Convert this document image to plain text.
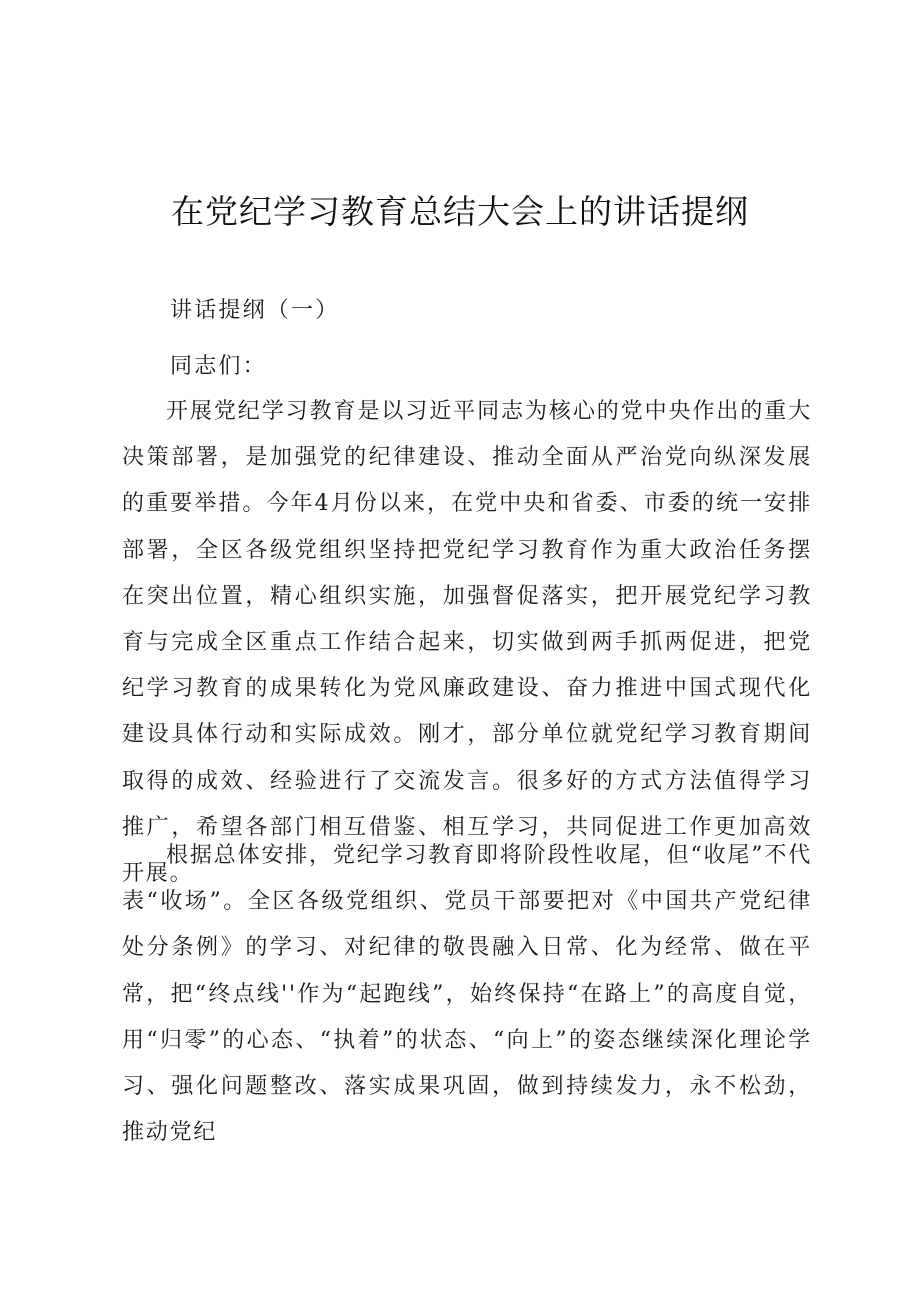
在党纪学习教育总结大会上的讲话提纲

讲话提纲（一）

同志们：

开展党纪学习教育是以习近平同志为核心的党中央作出的重大决策部署，是加强党的纪律建设、推动全面从严治党向纵深发展的重要举措。今年4月份以来，在党中央和省委、市委的统一安排部署，全区各级党组织坚持把党纪学习教育作为重大政治任务摆在突出位置，精心组织实施，加强督促落实，把开展党纪学习教育与完成全区重点工作结合起来，切实做到两手抓两促进，把党纪学习教育的成果转化为党风廉政建设、奋力推进中国式现代化建设具体行动和实际成效。刚才，部分单位就党纪学习教育期间取得的成效、经验进行了交流发言。很多好的方式方法值得学习推广，希望各部门相互借鉴、相互学习，共同促进工作更加高效开展。

根据总体安排，党纪学习教育即将阶段性收尾，但“收尾”不代表“收场”。全区各级党组织、党员干部要把对《中国共产党纪律处分条例》的学习、对纪律的敬畏融入日常、化为经常、做在平常，把“终点线''作为“起跑线”，始终保持“在路上”的高度自觉，用“归零”的心态、“执着”的状态、“向上”的姿态继续深化理论学习、强化问题整改、落实成果巩固，做到持续发力，永不松劲，推动党纪
